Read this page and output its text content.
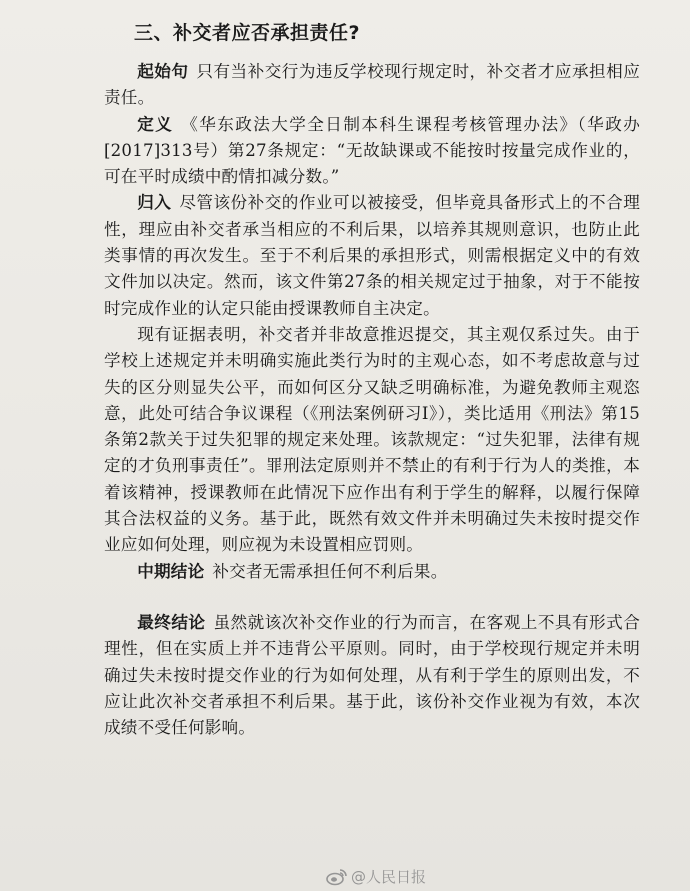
三、补交者应否承担责任?

起始句 只有当补交行为违反学校现行规定时，补交者才应承担相应责任。

定义 《华东政法大学全日制本科生课程考核管理办法》（华政办[2017]313号）第27条规定：“无故缺课或不能按时按量完成作业的，可在平时成绩中酌情扣减分数。”

归入 尽管该份补交的作业可以被接受，但毕竟具备形式上的不合理性，理应由补交者承当相应的不利后果，以培养其规则意识，也防止此类事情的再次发生。至于不利后果的承担形式，则需根据定义中的有效文件加以决定。然而，该文件第27条的相关规定过于抽象，对于不能按时完成作业的认定只能由授课教师自主决定。

现有证据表明，补交者并非故意推迟提交，其主观仅系过失。由于学校上述规定并未明确实施此类行为时的主观心态，如不考虑故意与过失的区分则显失公平，而如何区分又缺乏明确标准，为避免教师主观恣意，此处可结合争议课程（《刑法案例研习I》），类比适用《刑法》第15条第2款关于过失犯罪的规定来处理。该款规定：“过失犯罪，法律有规定的才负刑事责任”。罪刑法定原则并不禁止的有利于行为人的类推，本着该精神，授课教师在此情况下应作出有利于学生的解释，以履行保障其合法权益的义务。基于此，既然有效文件并未明确过失未按时提交作业应如何处理，则应视为未设置相应罚则。

中期结论 补交者无需承担任何不利后果。

最终结论 虽然就该次补交作业的行为而言，在客观上不具有形式合理性，但在实质上并不违背公平原则。同时，由于学校现行规定并未明确过失未按时提交作业的行为如何处理，从有利于学生的原则出发，不应让此次补交者承担不利后果。基于此，该份补交作业视为有效，本次成绩不受任何影响。

@人民日报
